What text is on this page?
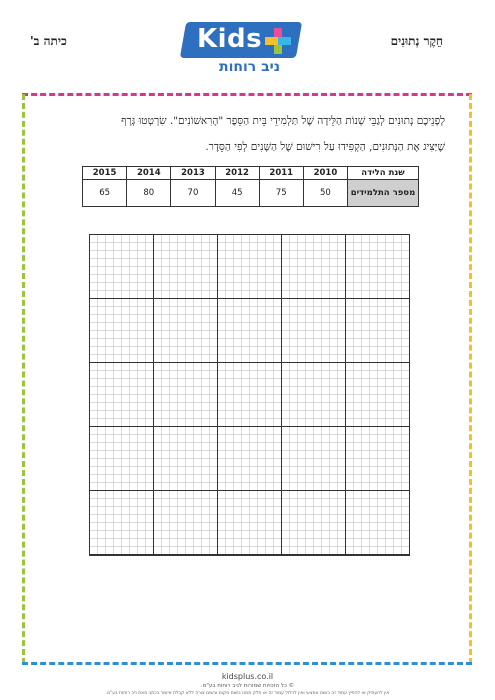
כיתה ב'	חֵקֶר נְתוּנִים
Kids
ניב רוחות
לְפָנֵיכֶם נְתוּנִים לְגַבֵּי שְׁנוֹת הַלֵּידָה שֶׁל תַּלְמִידֵי בֵּית הַסֵּפֶר "הָרִאשׁוֹנִים". שִׂרְטְטוּ גְּרָף
שֶׁיַּצִּיג אֶת הַנְּתוּנִים, הַקְפִּידוּ עַל רִישׁוּם שֶׁל הַשָּׁנִים לְפִי הַסֵּדֶר.
שנת הלידה	2010	2011	2012	2013	2014	2015
מספר התלמידים	50	75	45	70	80	65
kidsplus.co.il
© כל הזכויות שמורות לניב רוחות בע"מ.
אין להעתיק או להפיץ עמוד זה בשום אמצעי ואין לכלול עמוד זה או חלק ממנו בשום מקום ובשום צורה ללא קבלת אישור בכתב מאת ניב רוחות בע"מ.
